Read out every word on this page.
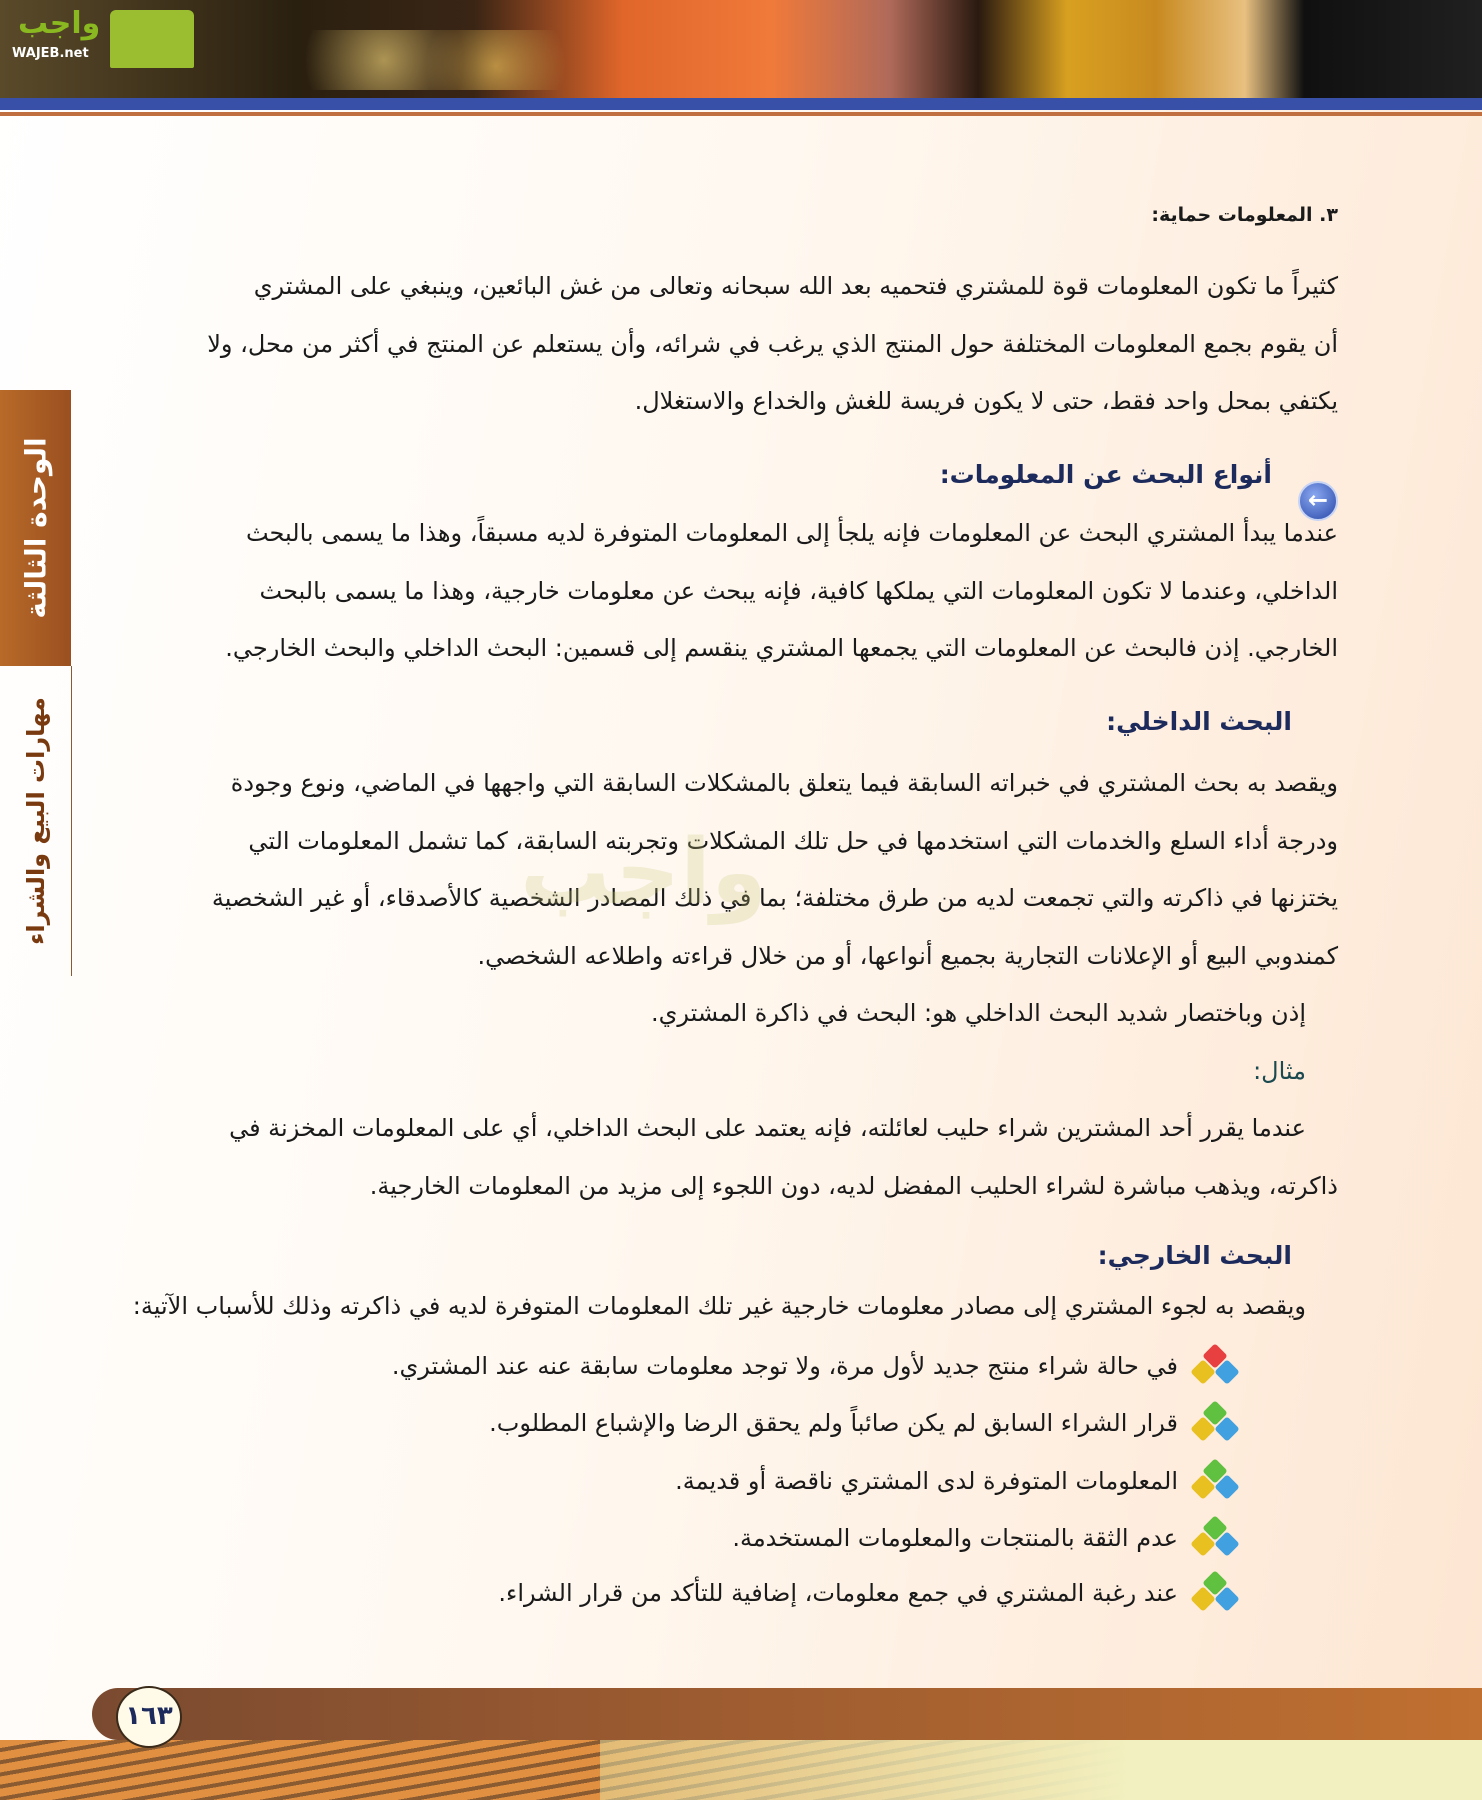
واجب
WAJEB.net
الوحدة الثالثة
مهارات البيع والشراء
٣. المعلومات حماية:
كثيراً ما تكون المعلومات قوة للمشتري فتحميه بعد الله سبحانه وتعالى من غش البائعين، وينبغي على المشتري
أن يقوم بجمع المعلومات المختلفة حول المنتج الذي يرغب في شرائه، وأن يستعلم عن المنتج في أكثر من محل، ولا
يكتفي بمحل واحد فقط، حتى لا يكون فريسة للغش والخداع والاستغلال.
←
أنواع البحث عن المعلومات:
عندما يبدأ المشتري البحث عن المعلومات فإنه يلجأ إلى المعلومات المتوفرة لديه مسبقاً، وهذا ما يسمى بالبحث
الداخلي، وعندما لا تكون المعلومات التي يملكها كافية، فإنه يبحث عن معلومات خارجية، وهذا ما يسمى بالبحث
الخارجي. إذن فالبحث عن المعلومات التي يجمعها المشتري ينقسم إلى قسمين: البحث الداخلي والبحث الخارجي.
البحث الداخلي:
ويقصد به بحث المشتري في خبراته السابقة فيما يتعلق بالمشكلات السابقة التي واجهها في الماضي، ونوع وجودة
ودرجة أداء السلع والخدمات التي استخدمها في حل تلك المشكلات وتجربته السابقة، كما تشمل المعلومات التي
يختزنها في ذاكرته والتي تجمعت لديه من طرق مختلفة؛ بما في ذلك المصادر الشخصية كالأصدقاء، أو غير الشخصية
كمندوبي البيع أو الإعلانات التجارية بجميع أنواعها، أو من خلال قراءته واطلاعه الشخصي.
إذن وباختصار شديد البحث الداخلي هو: البحث في ذاكرة المشتري.
مثال:
عندما يقرر أحد المشترين شراء حليب لعائلته، فإنه يعتمد على البحث الداخلي، أي على المعلومات المخزنة في
ذاكرته، ويذهب مباشرة لشراء الحليب المفضل لديه، دون اللجوء إلى مزيد من المعلومات الخارجية.
واجب
البحث الخارجي:
ويقصد به لجوء المشتري إلى مصادر معلومات خارجية غير تلك المعلومات المتوفرة لديه في ذاكرته وذلك للأسباب الآتية:
في حالة شراء منتج جديد لأول مرة، ولا توجد معلومات سابقة عنه عند المشتري.
قرار الشراء السابق لم يكن صائباً ولم يحقق الرضا والإشباع المطلوب.
المعلومات المتوفرة لدى المشتري ناقصة أو قديمة.
عدم الثقة بالمنتجات والمعلومات المستخدمة.
عند رغبة المشتري في جمع معلومات، إضافية للتأكد من قرار الشراء.
١٦٣
